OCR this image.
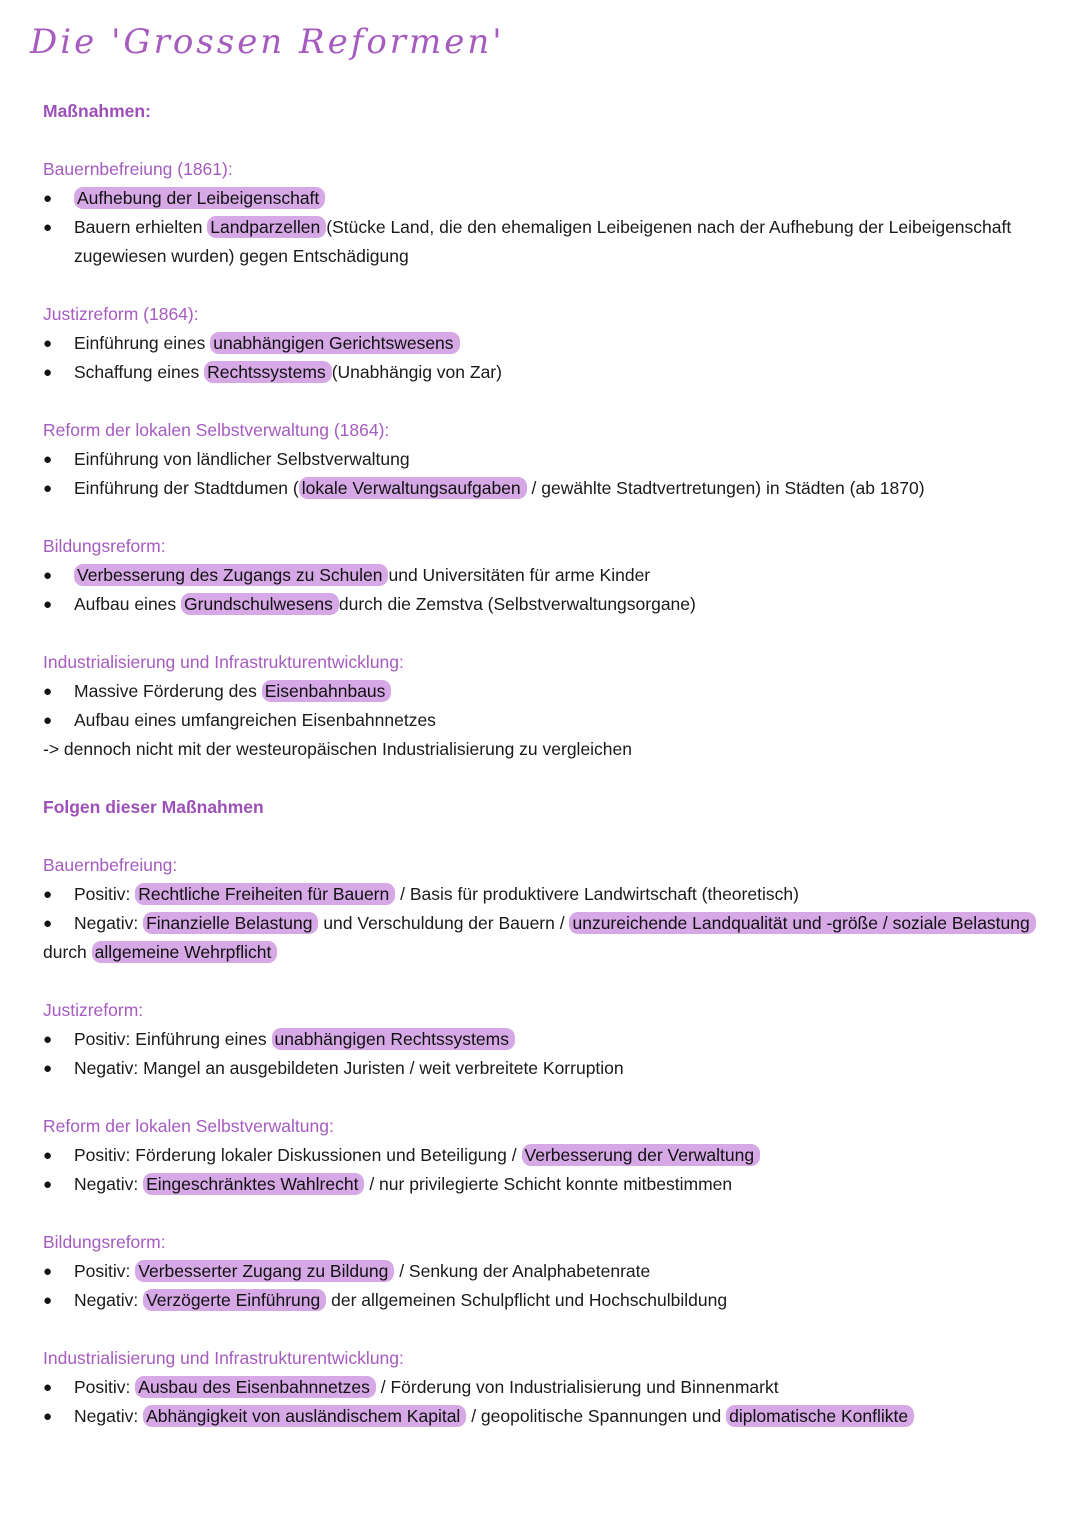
Die 'Grossen Reformen'
Maßnahmen:
Bauernbefreiung (1861):
● Aufhebung der Leibeigenschaft
● Bauern erhielten Landparzellen (Stücke Land, die den ehemaligen Leibeigenen nach der Aufhebung der Leibeigenschaft
zugewiesen wurden) gegen Entschädigung
Justizreform (1864):
● Einführung eines unabhängigen Gerichtswesens
● Schaffung eines Rechtssystems (Unabhängig von Zar)
Reform der lokalen Selbstverwaltung (1864):
● Einführung von ländlicher Selbstverwaltung
● Einführung der Stadtdumen ( lokale Verwaltungsaufgaben / gewählte Stadtvertretungen) in Städten (ab 1870)
Bildungsreform:
● Verbesserung des Zugangs zu Schulen und Universitäten für arme Kinder
● Aufbau eines Grundschulwesens durch die Zemstva (Selbstverwaltungsorgane)
Industrialisierung und Infrastrukturentwicklung:
● Massive Förderung des Eisenbahnbaus
● Aufbau eines umfangreichen Eisenbahnnetzes
-> dennoch nicht mit der westeuropäischen Industrialisierung zu vergleichen
Folgen dieser Maßnahmen
Bauernbefreiung:
● Positiv: Rechtliche Freiheiten für Bauern / Basis für produktivere Landwirtschaft (theoretisch)
● Negativ: Finanzielle Belastung und Verschuldung der Bauern / unzureichende Landqualität und -größe / soziale Belastung
durch allgemeine Wehrpflicht
Justizreform:
● Positiv: Einführung eines unabhängigen Rechtssystems
● Negativ: Mangel an ausgebildeten Juristen / weit verbreitete Korruption
Reform der lokalen Selbstverwaltung:
● Positiv: Förderung lokaler Diskussionen und Beteiligung / Verbesserung der Verwaltung
● Negativ: Eingeschränktes Wahlrecht / nur privilegierte Schicht konnte mitbestimmen
Bildungsreform:
● Positiv: Verbesserter Zugang zu Bildung / Senkung der Analphabetenrate
● Negativ: Verzögerte Einführung der allgemeinen Schulpflicht und Hochschulbildung
Industrialisierung und Infrastrukturentwicklung:
● Positiv: Ausbau des Eisenbahnnetzes / Förderung von Industrialisierung und Binnenmarkt
● Negativ: Abhängigkeit von ausländischem Kapital / geopolitische Spannungen und diplomatische Konflikte
